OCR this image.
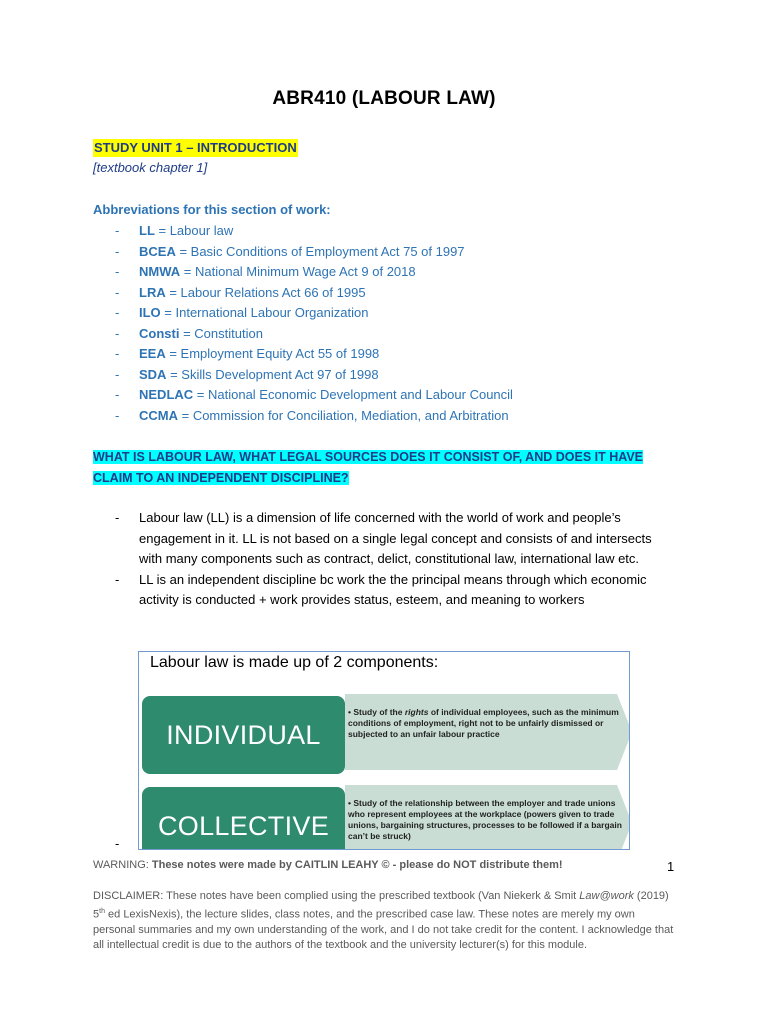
ABR410 (LABOUR LAW)
STUDY UNIT 1 – INTRODUCTION
[textbook chapter 1]
Abbreviations for this section of work:
- LL = Labour law
- BCEA = Basic Conditions of Employment Act 75 of 1997
- NMWA = National Minimum Wage Act 9 of 2018
- LRA = Labour Relations Act 66 of 1995
- ILO = International Labour Organization
- Consti = Constitution
- EEA = Employment Equity Act 55 of 1998
- SDA = Skills Development Act 97 of 1998
- NEDLAC = National Economic Development and Labour Council
- CCMA = Commission for Conciliation, Mediation, and Arbitration
WHAT IS LABOUR LAW, WHAT LEGAL SOURCES DOES IT CONSIST OF, AND DOES IT HAVE
CLAIM TO AN INDEPENDENT DISCIPLINE?
- Labour law (LL) is a dimension of life concerned with the world of work and people’s engagement in it. LL is not based on a single legal concept and consists of and intersects with many components such as contract, delict, constitutional law, international law etc.
- LL is an independent discipline bc work the the principal means through which economic activity is conducted + work provides status, esteem, and meaning to workers
Labour law is made up of 2 components:
INDIVIDUAL
• Study of the rights of individual employees, such as the minimum conditions of employment, right not to be unfairly dismissed or subjected to an unfair labour practice
COLLECTIVE
• Study of the relationship between the employer and trade unions who represent employees at the workplace (powers given to trade unions, bargaining structures, processes to be followed if a bargain can’t be struck)
-
WARNING: These notes were made by CAITLIN LEAHY © - please do NOT distribute them!	1
DISCLAIMER: These notes have been complied using the prescribed textbook (Van Niekerk & Smit Law@work (2019) 5th ed LexisNexis), the lecture slides, class notes, and the prescribed case law. These notes are merely my own personal summaries and my own understanding of the work, and I do not take credit for the content. I acknowledge that all intellectual credit is due to the authors of the textbook and the university lecturer(s) for this module.
